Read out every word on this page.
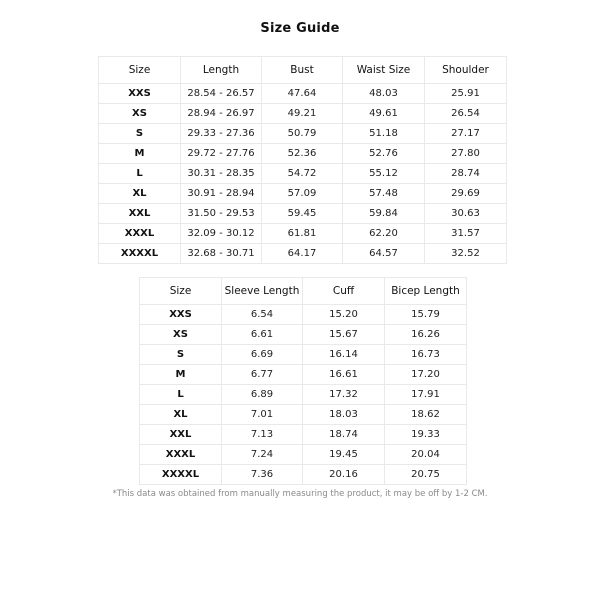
Size Guide
Size	Length	Bust	Waist Size	Shoulder
XXS	28.54 - 26.57	47.64	48.03	25.91
XS	28.94 - 26.97	49.21	49.61	26.54
S	29.33 - 27.36	50.79	51.18	27.17
M	29.72 - 27.76	52.36	52.76	27.80
L	30.31 - 28.35	54.72	55.12	28.74
XL	30.91 - 28.94	57.09	57.48	29.69
XXL	31.50 - 29.53	59.45	59.84	30.63
XXXL	32.09 - 30.12	61.81	62.20	31.57
XXXXL	32.68 - 30.71	64.17	64.57	32.52
Size	Sleeve Length	Cuff	Bicep Length
XXS	6.54	15.20	15.79
XS	6.61	15.67	16.26
S	6.69	16.14	16.73
M	6.77	16.61	17.20
L	6.89	17.32	17.91
XL	7.01	18.03	18.62
XXL	7.13	18.74	19.33
XXXL	7.24	19.45	20.04
XXXXL	7.36	20.16	20.75
*This data was obtained from manually measuring the product, it may be off by 1-2 CM.
